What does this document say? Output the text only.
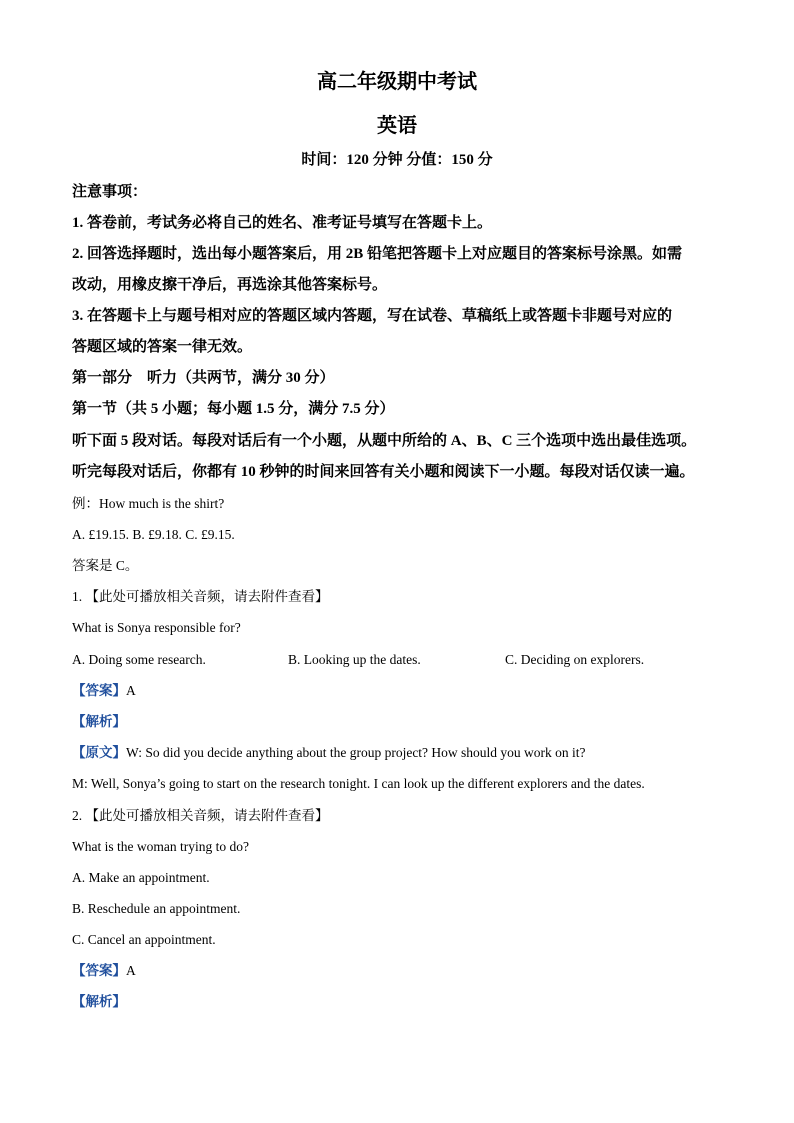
高二年级期中考试
英语
时间：120 分钟 分值：150 分
注意事项：
1. 答卷前，考试务必将自己的姓名、准考证号填写在答题卡上。
2. 回答选择题时，选出每小题答案后，用 2B 铅笔把答题卡上对应题目的答案标号涂黑。如需
改动，用橡皮擦干净后，再选涂其他答案标号。
3. 在答题卡上与题号相对应的答题区域内答题，写在试卷、草稿纸上或答题卡非题号对应的
答题区域的答案一律无效。
第一部分　听力（共两节，满分 30 分）
第一节（共 5 小题；每小题 1.5 分，满分 7.5 分）
听下面 5 段对话。每段对话后有一个小题，从题中所给的 A、B、C 三个选项中选出最佳选项。
听完每段对话后，你都有 10 秒钟的时间来回答有关小题和阅读下一小题。每段对话仅读一遍。
例：How much is the shirt?
A. £19.15. B. £9.18. C. £9.15.
答案是 C。
1. 【此处可播放相关音频，请去附件查看】
What is Sonya responsible for?
A. Doing some research.	B. Looking up the dates.	C. Deciding on explorers.
【答案】A
【解析】
【原文】W: So did you decide anything about the group project? How should you work on it?
M: Well, Sonya’s going to start on the research tonight. I can look up the different explorers and the dates.
2. 【此处可播放相关音频，请去附件查看】
What is the woman trying to do?
A. Make an appointment.
B. Reschedule an appointment.
C. Cancel an appointment.
【答案】A
【解析】
